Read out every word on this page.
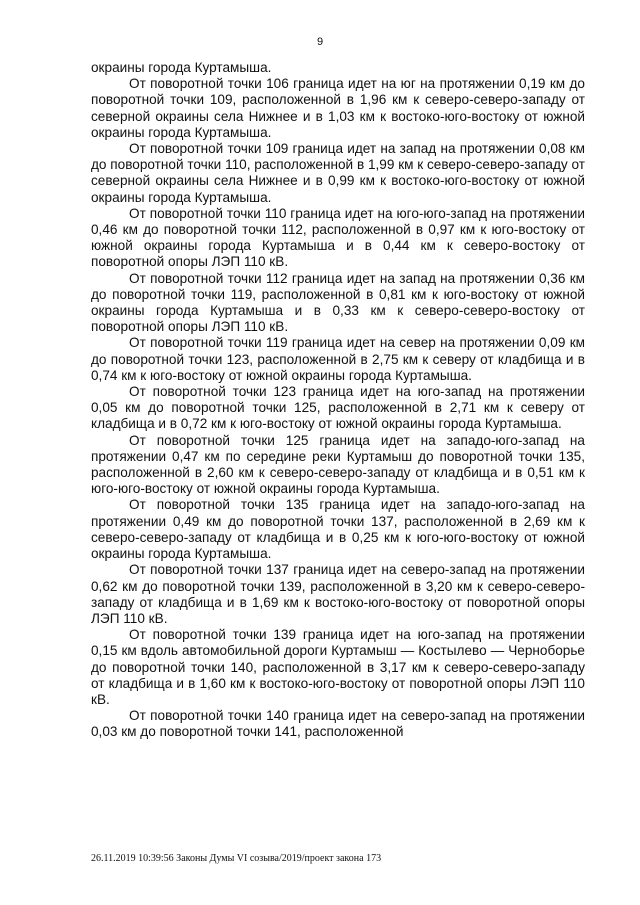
9

окраины города Куртамыша.

От поворотной точки 106 граница идет на юг на протяжении 0,19 км до поворотной точки 109, расположенной в 1,96 км к северо-северо-западу от северной окраины села Нижнее и в 1,03 км к востоко-юго-востоку от южной окраины города Куртамыша.

От поворотной точки 109 граница идет на запад на протяжении 0,08 км до поворотной точки 110, расположенной в 1,99 км к северо-северо-западу от северной окраины села Нижнее и в 0,99 км к востоко-юго-востоку от южной окраины города Куртамыша.

От поворотной точки 110 граница идет на юго-юго-запад на протяжении 0,46 км до поворотной точки 112, расположенной в 0,97 км к юго-востоку от южной окраины города Куртамыша и в 0,44 км к северо-востоку от поворотной опоры ЛЭП 110 кВ.

От поворотной точки 112 граница идет на запад на протяжении 0,36 км до поворотной точки 119, расположенной в 0,81 км к юго-востоку от южной окраины города Куртамыша и в 0,33 км к северо-северо-востоку от поворотной опоры ЛЭП 110 кВ.

От поворотной точки 119 граница идет на север на протяжении 0,09 км до поворотной точки 123, расположенной в 2,75 км к северу от кладбища и в 0,74 км к юго-востоку от южной окраины города Куртамыша.

От поворотной точки 123 граница идет на юго-запад на протяжении 0,05 км до поворотной точки 125, расположенной в 2,71 км к северу от кладбища и в 0,72 км к юго-востоку от южной окраины города Куртамыша.

От поворотной точки 125 граница идет на западо-юго-запад на протяжении 0,47 км по середине реки Куртамыш до поворотной точки 135, расположенной в 2,60 км к северо-северо-западу от кладбища и в 0,51 км к юго-юго-востоку от южной окраины города Куртамыша.

От поворотной точки 135 граница идет на западо-юго-запад на протяжении 0,49 км до поворотной точки 137, расположенной в 2,69 км к северо-северо-западу от кладбища и в 0,25 км к юго-юго-востоку от южной окраины города Куртамыша.

От поворотной точки 137 граница идет на северо-запад на протяжении 0,62 км до поворотной точки 139, расположенной в 3,20 км к северо-северо-западу от кладбища и в 1,69 км к востоко-юго-востоку от поворотной опоры ЛЭП 110 кВ.

От поворотной точки 139 граница идет на юго-запад на протяжении 0,15 км вдоль автомобильной дороги Куртамыш — Костылево — Черноборье до поворотной точки 140, расположенной в 3,17 км к северо-северо-западу от кладбища и в 1,60 км к востоко-юго-востоку от поворотной опоры ЛЭП 110 кВ.

От поворотной точки 140 граница идет на северо-запад на протяжении 0,03 км до поворотной точки 141, расположенной

26.11.2019 10:39:56 Законы Думы VI созыва/2019/проект закона 173
